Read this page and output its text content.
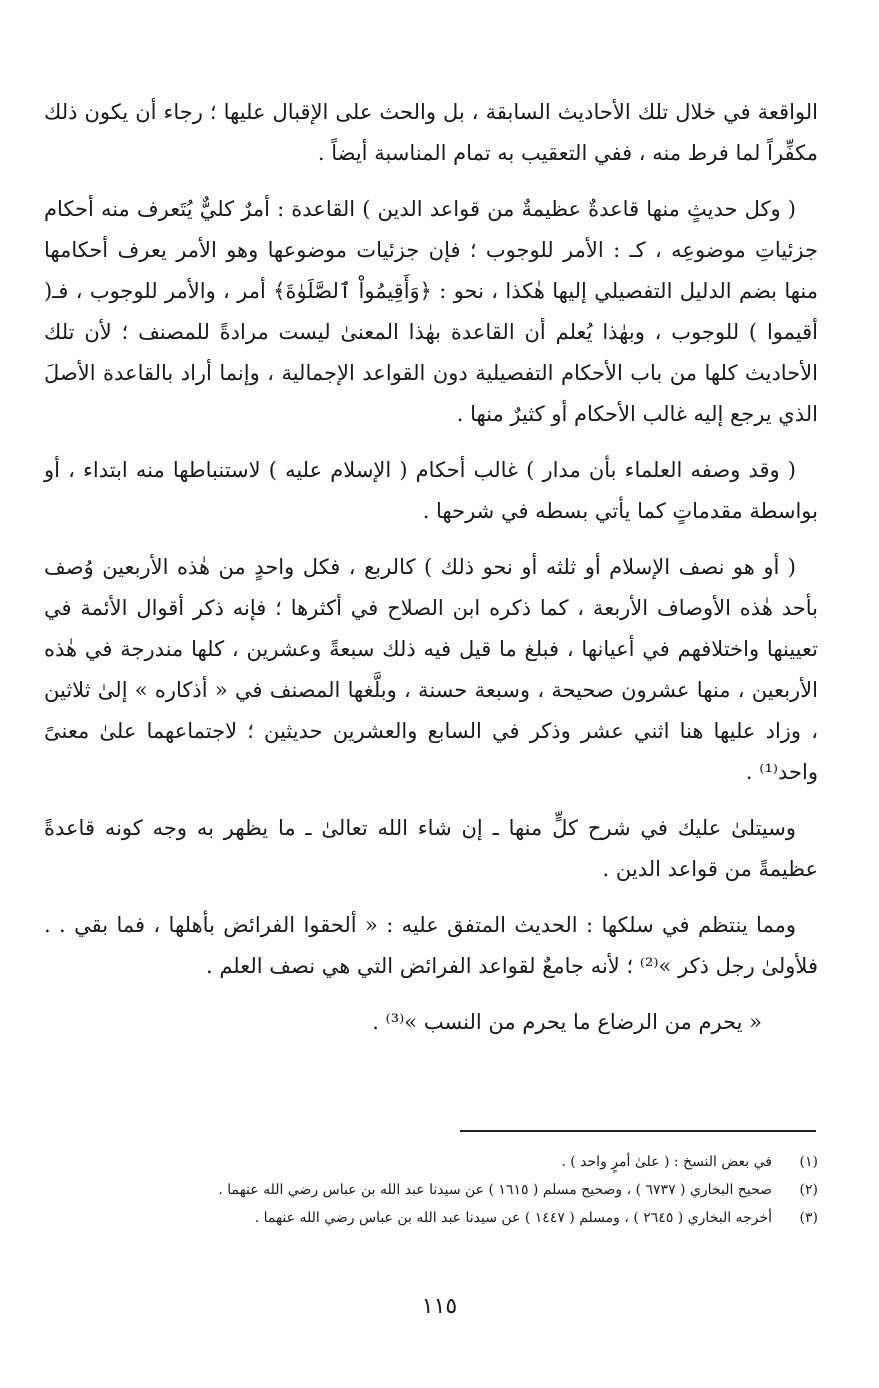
الواقعة في خلال تلك الأحاديث السابقة ، بل والحث على الإقبال عليها ؛ رجاء أن يكون ذلك مكفِّراً لما فرط منه ، ففي التعقيب به تمام المناسبة أيضاً .

( وكل حديثٍ منها قاعدةٌ عظيمةٌ من قواعد الدين ) القاعدة : أمرٌ كليٌّ يُتَعرف منه أحكام جزئياتِ موضوعِه ، كـ : الأمر للوجوب ؛ فإن جزئيات موضوعها وهو الأمر يعرف أحكامها منها بضم الدليل التفصيلي إليها هٰكذا ، نحو : ﴿وَأَقِيمُواْ ٱلصَّلَوٰةَ﴾ أمر ، والأمر للوجوب ، فـ( أقيموا ) للوجوب ، وبهٰذا يُعلم أن القاعدة بهٰذا المعنىٰ ليست مرادةً للمصنف ؛ لأن تلك الأحاديث كلها من باب الأحكام التفصيلية دون القواعد الإجمالية ، وإنما أراد بالقاعدة الأصلَ الذي يرجع إليه غالب الأحكام أو كثيرٌ منها .

( وقد وصفه العلماء بأن مدار ) غالب أحكام ( الإسلام عليه ) لاستنباطها منه ابتداء ، أو بواسطة مقدماتٍ كما يأتي بسطه في شرحها .

( أو هو نصف الإسلام أو ثلثه أو نحو ذلك ) كالربع ، فكل واحدٍ من هٰذه الأربعين وُصف بأحد هٰذه الأوصاف الأربعة ، كما ذكره ابن الصلاح في أكثرها ؛ فإنه ذكر أقوال الأئمة في تعيينها واختلافهم في أعيانها ، فبلغ ما قيل فيه ذلك سبعةً وعشرين ، كلها مندرجة في هٰذه الأربعين ، منها عشرون صحيحة ، وسبعة حسنة ، وبلَّغها المصنف في « أذكاره » إلىٰ ثلاثين ، وزاد عليها هنا اثني عشر وذكر في السابع والعشرين حديثين ؛ لاجتماعهما علىٰ معنىً واحد⁽¹⁾ .

وسيتلىٰ عليك في شرح كلٍّ منها ـ إن شاء الله تعالىٰ ـ ما يظهر به وجه كونه قاعدةً عظيمةً من قواعد الدين .

ومما ينتظم في سلكها : الحديث المتفق عليه : « ألحقوا الفرائض بأهلها ، فما بقي . . فلأولىٰ رجل ذكر »⁽²⁾ ؛ لأنه جامعٌ لقواعد الفرائض التي هي نصف العلم .

« يحرم من الرضاع ما يحرم من النسب »⁽³⁾ .

(١)
في بعض النسخ : ( علىٰ أمرٍ واحد ) .
(٢)
صحيح البخاري ( ٦٧٣٧ ) ، وصحيح مسلم ( ١٦١٥ ) عن سيدنا عبد الله بن عباس رضي الله عنهما .
(٣)
أخرجه البخاري ( ٢٦٤٥ ) ، ومسلم ( ١٤٤٧ ) عن سيدنا عبد الله بن عباس رضي الله عنهما .
١١٥
